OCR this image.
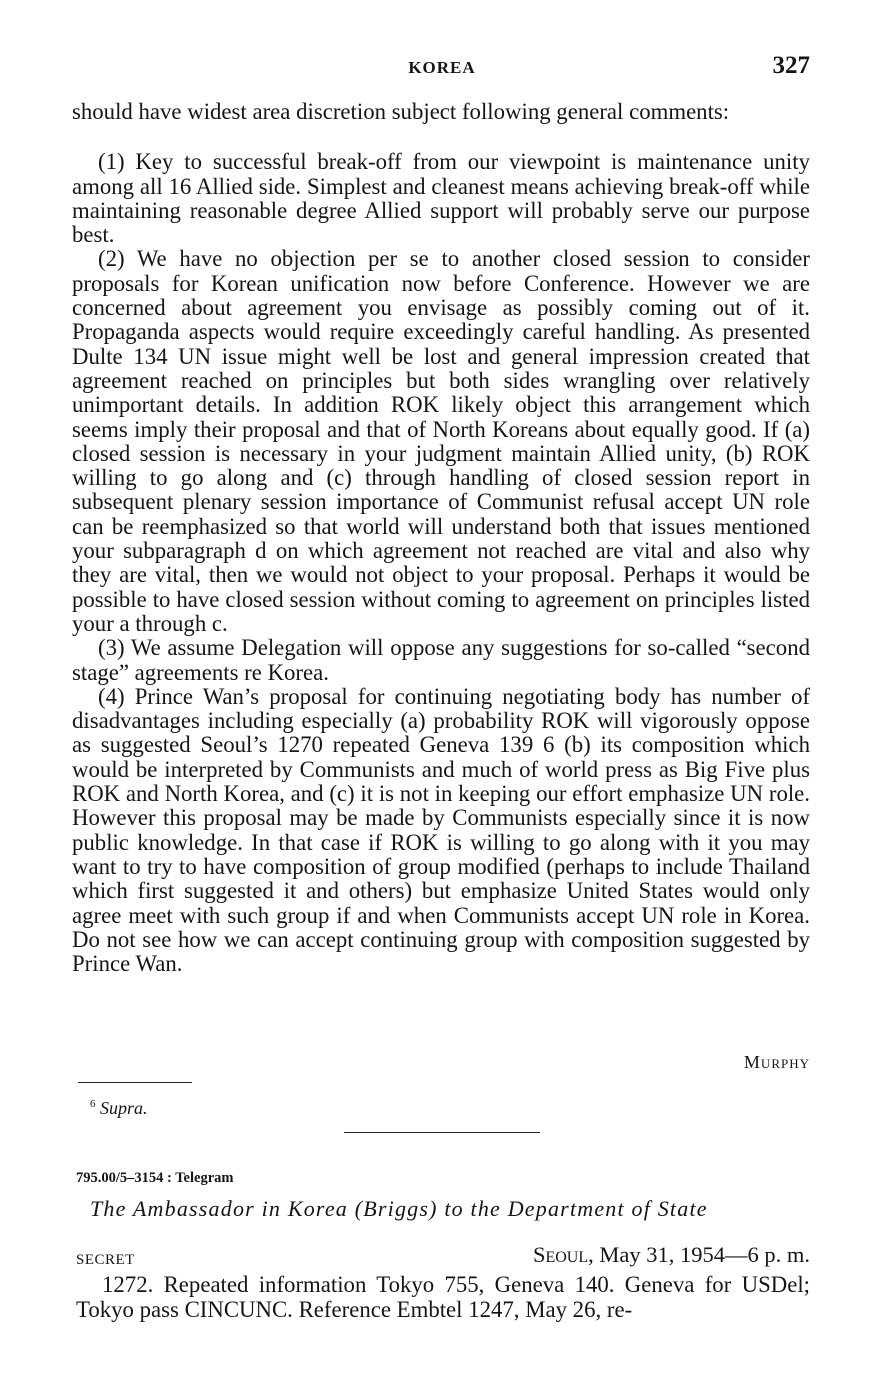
KOREA	327

should have widest area discretion subject following general comments:

(1) Key to successful break-off from our viewpoint is maintenance unity among all 16 Allied side. Simplest and cleanest means achieving break-off while maintaining reasonable degree Allied support will probably serve our purpose best.

(2) We have no objection per se to another closed session to consider proposals for Korean unification now before Conference. However we are concerned about agreement you envisage as possibly coming out of it. Propaganda aspects would require exceedingly careful handling. As presented Dulte 134 UN issue might well be lost and general impression created that agreement reached on principles but both sides wrangling over relatively unimportant details. In addition ROK likely object this arrangement which seems imply their proposal and that of North Koreans about equally good. If (a) closed session is necessary in your judgment maintain Allied unity, (b) ROK willing to go along and (c) through handling of closed session report in subsequent plenary session importance of Communist refusal accept UN role can be reemphasized so that world will understand both that issues mentioned your subparagraph d on which agreement not reached are vital and also why they are vital, then we would not object to your proposal. Perhaps it would be possible to have closed session without coming to agreement on principles listed your a through c.

(3) We assume Delegation will oppose any suggestions for so-called “second stage” agreements re Korea.

(4) Prince Wan’s proposal for continuing negotiating body has number of disadvantages including especially (a) probability ROK will vigorously oppose as suggested Seoul’s 1270 repeated Geneva 139 6 (b) its composition which would be interpreted by Communists and much of world press as Big Five plus ROK and North Korea, and (c) it is not in keeping our effort emphasize UN role. However this proposal may be made by Communists especially since it is now public knowledge. In that case if ROK is willing to go along with it you may want to try to have composition of group modified (perhaps to include Thailand which first suggested it and others) but emphasize United States would only agree meet with such group if and when Communists accept UN role in Korea. Do not see how we can accept continuing group with composition suggested by Prince Wan.

Murphy
$^6$ Supra.
795.00/5–3154 : Telegram
The Ambassador in Korea (Briggs) to the Department of State
SECRET	Seoul, May 31, 1954—6 p. m.

1272. Repeated information Tokyo 755, Geneva 140. Geneva for USDel; Tokyo pass CINCUNC. Reference Embtel 1247, May 26, re-
